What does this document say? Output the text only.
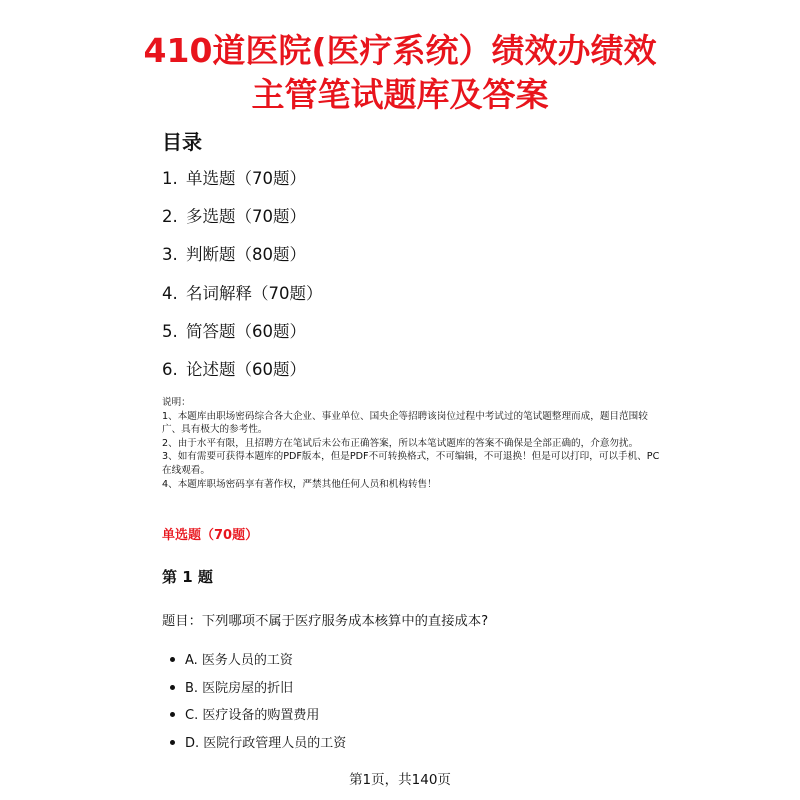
410道医院(医疗系统）绩效办绩效
主管笔试题库及答案
目录
1. 单选题（70题）
2. 多选题（70题）
3. 判断题（80题）
4. 名词解释（70题）
5. 简答题（60题）
6. 论述题（60题）
说明：
1、本题库由职场密码综合各大企业、事业单位、国央企等招聘该岗位过程中考试过的笔试题整理而成，题目范围较广、具有极大的参考性。
2、由于水平有限，且招聘方在笔试后未公布正确答案，所以本笔试题库的答案不确保是全部正确的，介意勿扰。
3、如有需要可获得本题库的PDF版本，但是PDF不可转换格式，不可编辑，不可退换！但是可以打印，可以手机、PC在线观看。
4、本题库职场密码享有著作权，严禁其他任何人员和机构转售！
单选题（70题）
第 1 题
题目：下列哪项不属于医疗服务成本核算中的直接成本?
A. 医务人员的工资
B. 医院房屋的折旧
C. 医疗设备的购置费用
D. 医院行政管理人员的工资
第1页，共140页
